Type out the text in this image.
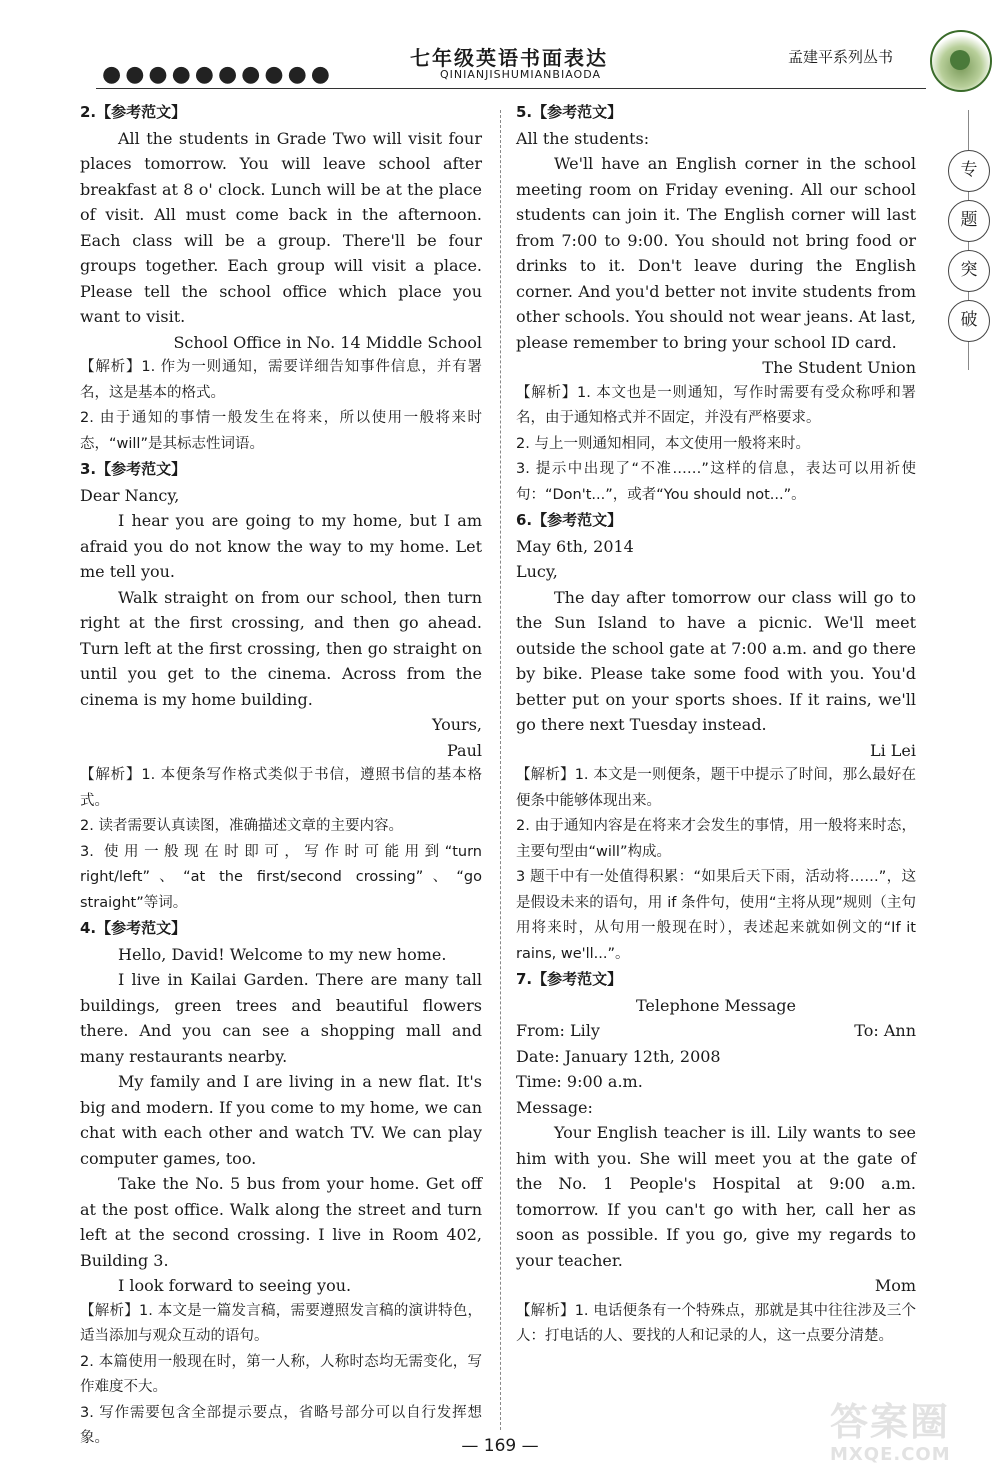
●●●●●●●●●●
七年级英语书面表达
QINIANJISHUMIANBIAODA
孟建平系列丛书
专
题
突
破

2.【参考范文】

All the students in Grade Two will visit four places tomorrow. You will leave school after breakfast at 8 o' clock. Lunch will be at the place of visit. All must come back in the afternoon. Each class will be a group. There'll be four groups together. Each group will visit a place. Please tell the school office which place you want to visit.

School Office in No. 14 Middle School

【解析】1. 作为一则通知，需要详细告知事件信息，并有署名，这是基本的格式。

2. 由于通知的事情一般发生在将来，所以使用一般将来时态，“will”是其标志性词语。

3.【参考范文】

Dear Nancy,

I hear you are going to my home, but I am afraid you do not know the way to my home. Let me tell you.

Walk straight on from our school, then turn right at the first crossing, and then go ahead. Turn left at the first crossing, then go straight on until you get to the cinema. Across from the cinema is my home building.

Yours,

Paul

【解析】1. 本便条写作格式类似于书信，遵照书信的基本格式。

2. 读者需要认真读图，准确描述文章的主要内容。

3. 使用一般现在时即可，写作时可能用到“turn right/left”、“at the first/second crossing”、“go straight”等词。

4.【参考范文】

Hello, David! Welcome to my new home.

I live in Kailai Garden. There are many tall buildings, green trees and beautiful flowers there. And you can see a shopping mall and many restaurants nearby.

My family and I are living in a new flat. It's big and modern. If you come to my home, we can chat with each other and watch TV. We can play computer games, too.

Take the No. 5 bus from your home. Get off at the post office. Walk along the street and turn left at the second crossing. I live in Room 402, Building 3.

I look forward to seeing you.

【解析】1. 本文是一篇发言稿，需要遵照发言稿的演讲特色，适当添加与观众互动的语句。

2. 本篇使用一般现在时，第一人称，人称时态均无需变化，写作难度不大。

3. 写作需要包含全部提示要点，省略号部分可以自行发挥想象。

5.【参考范文】

All the students:

We'll have an English corner in the school meeting room on Friday evening. All our school students can join it. The English corner will last from 7:00 to 9:00. You should not bring food or drinks to it. Don't leave during the English corner. And you'd better not invite students from other schools. You should not wear jeans. At last, please remember to bring your school ID card.

The Student Union

【解析】1. 本文也是一则通知，写作时需要有受众称呼和署名，由于通知格式并不固定，并没有严格要求。

2. 与上一则通知相同，本文使用一般将来时。

3. 提示中出现了“不准……”这样的信息，表达可以用祈使句：“Don't...”，或者“You should not...”。

6.【参考范文】

May 6th, 2014

Lucy,

The day after tomorrow our class will go to the Sun Island to have a picnic. We'll meet outside the school gate at 7:00 a.m. and go there by bike. Please take some food with you. You'd better put on your sports shoes. If it rains, we'll go there next Tuesday instead.

Li Lei

【解析】1. 本文是一则便条，题干中提示了时间，那么最好在便条中能够体现出来。

2. 由于通知内容是在将来才会发生的事情，用一般将来时态，主要句型由“will”构成。

3 题干中有一处值得积累：“如果后天下雨，活动将……”，这是假设未来的语句，用 if 条件句，使用“主将从现”规则（主句用将来时，从句用一般现在时），表述起来就如例文的“If it rains, we'll...”。

7.【参考范文】

Telephone Message

From: Lily	To: Ann

Date: January 12th, 2008

Time: 9:00 a.m.

Message:

Your English teacher is ill. Lily wants to see him with you. She will meet you at the gate of the No. 1 People's Hospital at 9:00 a.m. tomorrow. If you can't go with her, call her as soon as possible. If you go, give my regards to your teacher.

Mom

【解析】1. 电话便条有一个特殊点，那就是其中往往涉及三个人：打电话的人、要找的人和记录的人，这一点要分清楚。

— 169 —
答案圈
MXQE.COM
